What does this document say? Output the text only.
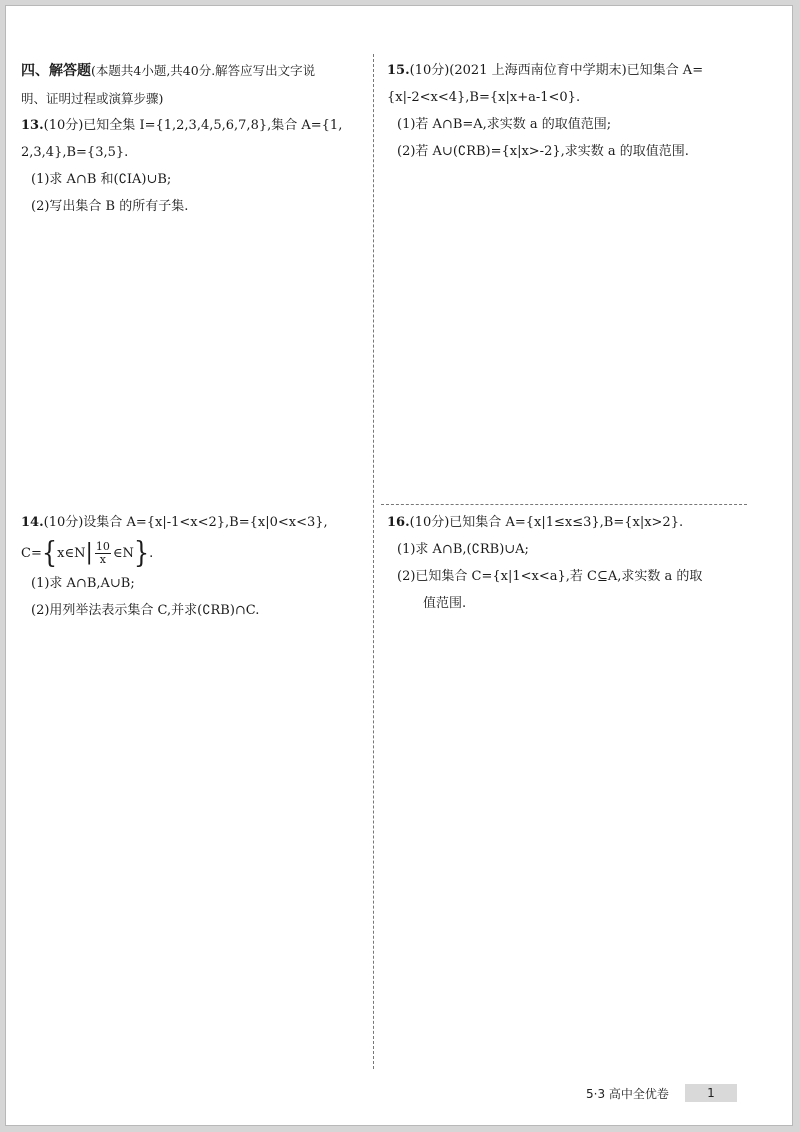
四、解答题(本题共4小题,共40分.解答应写出文字说
明、证明过程或演算步骤)
13.(10分)已知全集 I={1,2,3,4,5,6,7,8},集合 A={1,
2,3,4},B={3,5}.
(1)求 A∩B 和(∁IA)∪B;
(2)写出集合 B 的所有子集.
15.(10分)(2021 上海西南位育中学期末)已知集合 A=
{x|-2<x<4},B={x|x+a-1<0}.
(1)若 A∩B=A,求实数 a 的取值范围;
(2)若 A∪(∁RB)={x|x>-2},求实数 a 的取值范围.
14.(10分)设集合 A={x|-1<x<2},B={x|0<x<3},
C= { x∈N | $\frac{10}{x}$ ∈N } .
(1)求 A∩B,A∪B;
(2)用列举法表示集合 C,并求(∁RB)∩C.
16.(10分)已知集合 A={x|1≤x≤3},B={x|x>2}.
(1)求 A∩B,(∁RB)∪A;
(2)已知集合 C={x|1<x<a},若 C⊆A,求实数 a 的取
值范围.
5·3 高中全优卷	1
